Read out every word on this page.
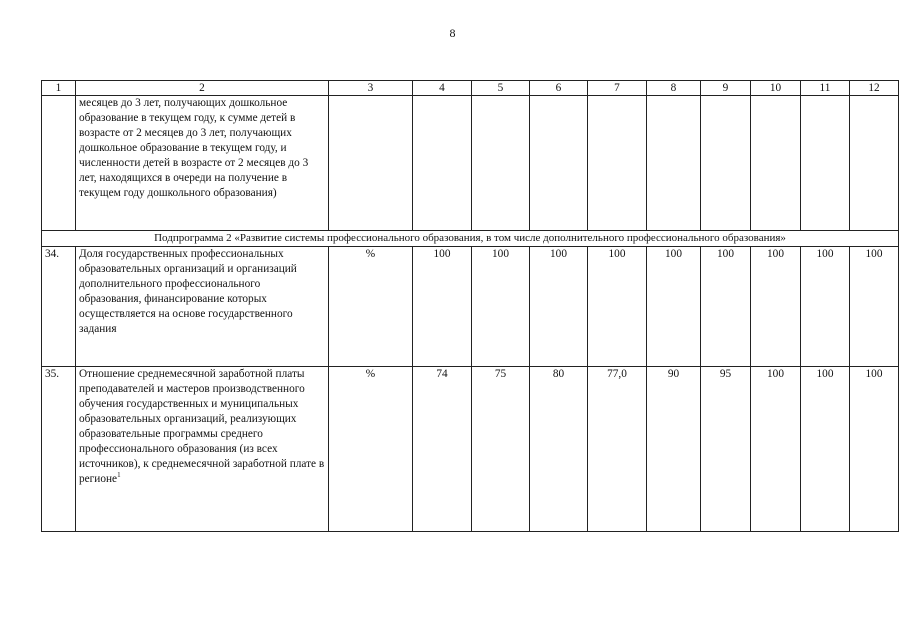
8
1	2	3	4	5	6	7	8	9	10	11	12
	месяцев до 3 лет, получающих дошкольное образование в текущем году, к сумме детей в возрасте от 2 месяцев до 3 лет, получающих дошкольное образование в текущем году, и численности детей в возрасте от 2 месяцев до 3 лет, находящихся в очереди на получение в текущем году дошкольного образования)										
Подпрограмма 2 «Развитие системы профессионального образования, в том числе дополнительного профессионального образования»											
34.	Доля государственных профессиональных образовательных организаций и организаций дополнительного профессионального образования, финансирование которых осуществляется на основе государственного задания	%	100	100	100	100	100	100	100	100	100
35.	Отношение среднемесячной заработной платы преподавателей и мастеров производственного обучения государственных и муниципальных образовательных организаций, реализующих образовательные программы среднего профессионального образования (из всех источников), к среднемесячной заработной плате в регионе$^1$	%	74	75	80	77,0	90	95	100	100	100
